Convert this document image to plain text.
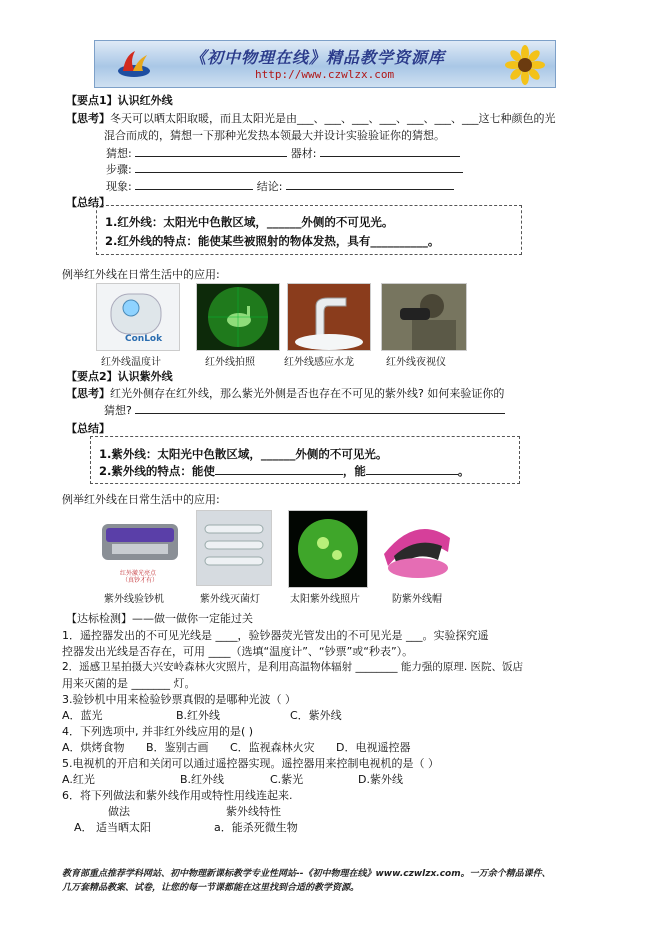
《初中物理在线》精品教学资源库
http://www.czwlzx.com
【要点1】认识红外线
【思考】冬天可以晒太阳取暖，而且太阳光是由___、___、___、___、___、___、___这七种颜色的光
混合而成的，猜想一下那种光发热本领最大并设计实验验证你的猜想。
猜想:	器材:
步骤:
现象:	结论:
【总结】
1.红外线：太阳光中色散区域，______外侧的不可见光。
2.红外线的特点：能使某些被照射的物体发热，具有__________。
例举红外线在日常生活中的应用:
ConLok
红外线温度计	红外线拍照	红外线感应水龙	红外线夜视仪
【要点2】认识紫外线
【思考】红光外侧存在红外线，那么紫光外侧是否也存在不可见的紫外线? 如何来验证你的
猜想?
【总结】
1.紫外线：太阳光中色散区域，______外侧的不可见光。
2.紫外线的特点：能使	，能	。
例举红外线在日常生活中的应用:
红外激光亮点
（真钞才有）
紫外线验钞机	紫外线灭菌灯	太阳紫外线照片	防紫外线帽
【达标检测】——做一做你一定能过关
1．遥控器发出的不可见光线是 ____，验钞器荧光管发出的不可见光是 ___。实验探究遥
控器发出光线是否存在，可用 ____（选填“温度计”、“钞票”或“秒表”）。
2．遥感卫星拍摄大兴安岭森林火灾照片，是利用高温物体辐射 ________ 能力强的原理. 医院、饭店
用来灭菌的是 _______ 灯。
3.验钞机中用来检验钞票真假的是哪种光波（ ）
A．蓝光	B.红外线	C．紫外线
4．下列选项中, 并非红外线应用的是( )
A．烘烤食物 B．鉴别古画 C．监视森林火灾 D．电视遥控器
5.电视机的开启和关闭可以通过遥控器实现。遥控器用来控制电视机的是（ ）
A.红光	B.红外线	C.紫光	D.紫外线
6．将下列做法和紫外线作用或特性用线连起来.
做法	紫外线特性
A． 适当晒太阳	a．能杀死微生物
教育部重点推荐学科网站、初中物理新课标教学专业性网站--《初中物理在线》www.czwlzx.com。一万余个精品课件、
几万套精品教案、试卷，让您的每一节课都能在这里找到合适的教学资源。
